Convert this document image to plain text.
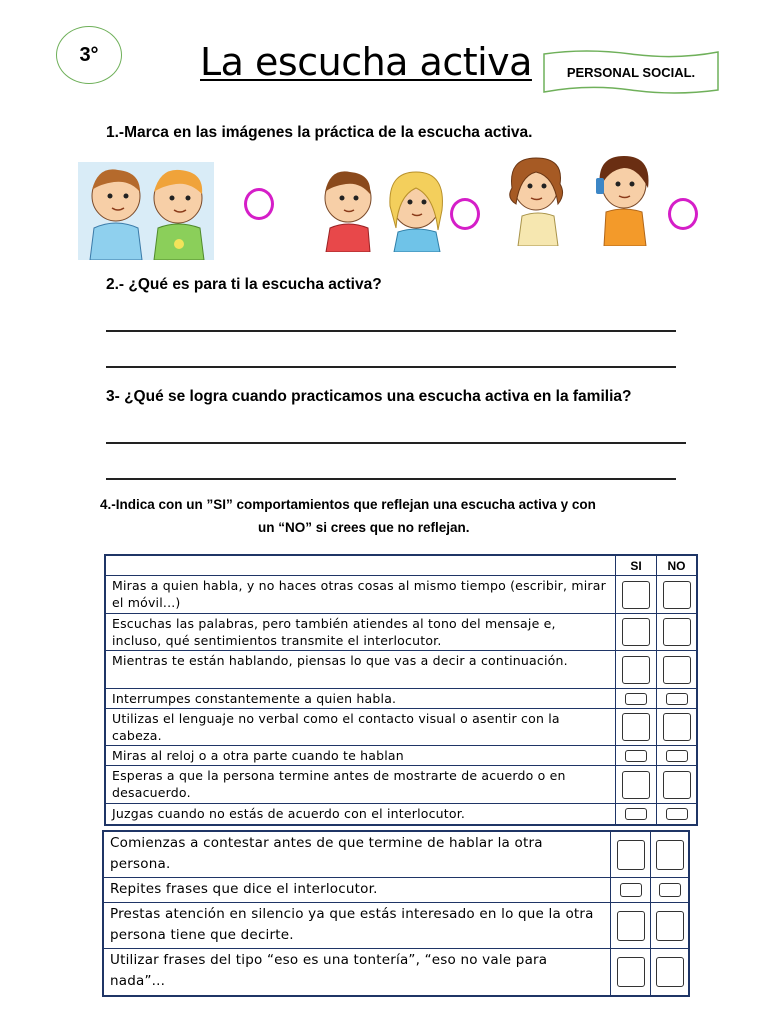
3°	La escucha activa	PERSONAL SOCIAL.
1.-Marca en las imágenes la práctica de la escucha activa.
2.- ¿Qué es para ti la escucha activa?
3- ¿Qué se logra cuando practicamos una escucha activa en la familia?
4.-Indica con un ”SI” comportamientos que reflejan una escucha activa y con
un “NO” si crees que no reflejan.
SI	NO
Miras a quien habla, y no haces otras cosas al mismo tiempo (escribir, mirar el móvil...)
Escuchas las palabras, pero también atiendes al tono del mensaje e, incluso, qué sentimientos transmite el interlocutor.
Mientras te están hablando, piensas lo que vas a decir a continuación.
Interrumpes constantemente a quien habla.
Utilizas el lenguaje no verbal como el contacto visual o asentir con la cabeza.
Miras al reloj o a otra parte cuando te hablan
Esperas a que la persona termine antes de mostrarte de acuerdo o en desacuerdo.
Juzgas cuando no estás de acuerdo con el interlocutor.
Comienzas a contestar antes de que termine de hablar la otra persona.
Repites frases que dice el interlocutor.
Prestas atención en silencio ya que estás interesado en lo que la otra persona tiene que decirte.
Utilizar frases del tipo “eso es una tontería”, “eso no vale para nada”...
